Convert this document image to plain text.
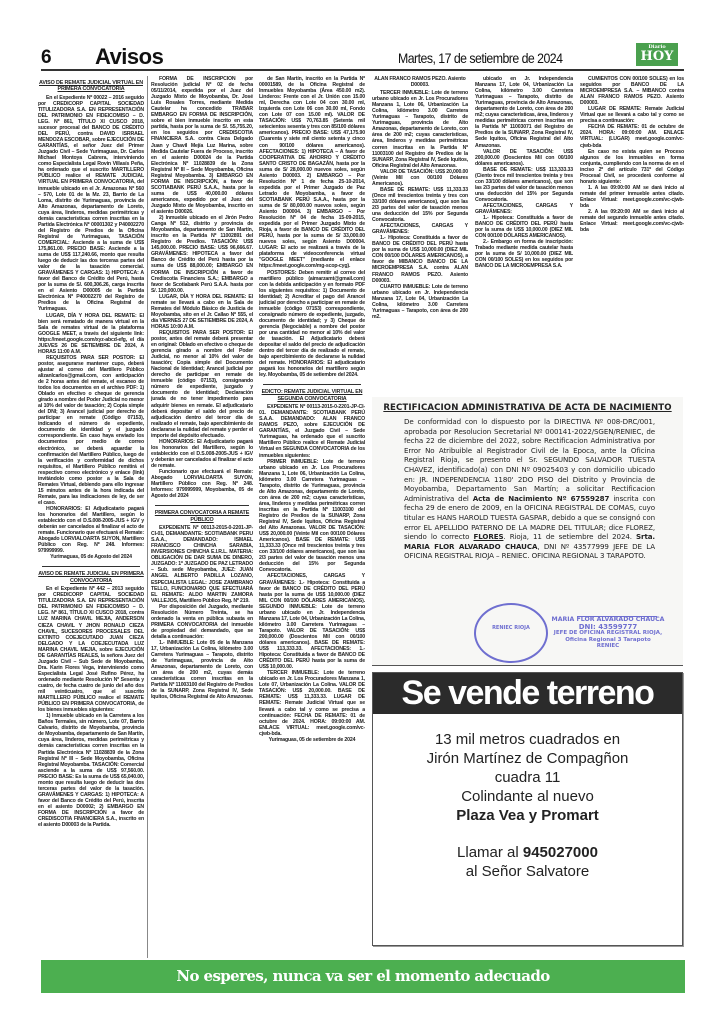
6 Avisos	Martes, 17 de setiembre de 2024
Diario
HOY
AVISO DE REMATE JUDICIAL VIRTUAL EN PRIMERA CONVOCATORIA

En el Expediente Nº 00022 – 2016 seguido por CREDICORP CAPITAL SOCIEDAD TITULIZADORA S.A. EN REPRESENTACIÓN DEL PATRIMONIO EN FIDEICOMISO – D. LEG. Nº 861, TÍTULO XI CUSCO 2018, sucesor procesal del BANCO DE CRÉDITO DEL PERÚ, contra DAVID ISRRAEL MENDOZA ESCOBAR, sobre EJECUCIÓN DE GARANTÍAS, el señor Juez del Primer Juzgado Civil – Sede Yurimaguas, Dr. Carlos Michael Montoya Cabrera, interviniendo como Especialista Legal Rovin Villasís Peña, ha ordenado que el suscrito MARTILLERO PÚBLICO realice el REMATE JUDICIAL VIRTUAL EN PRIMERA CONVOCATORIA, del inmueble ubicado en el Jr. Amazonas Nº 560 – 570, Lote 01 de la Mz. 23, Barrio de La Loma, distrito de Yurimaguas, provincia de Alto Amazonas, departamento de Loreto, cuya área, linderos, medidas perimétricas y demás características corren inscritas en la Partida Electrónica Nº 00001302 y P40002270 del Registro de Predios de la Oficina Registral de Yurimaguas, TASACIÓN COMERCIAL: Asciende a la suma de US$ 175,861.00. PRECIO BASE: Asciende a la suma de US$ 117,240.66, monto que resulta luego de deducir las dos terceras partes del valor de la tasación comercial. GRAVÁMENES Y CARGAS: 1) HIPOTECA: A favor del Banco de Crédito del Perú, hasta por la suma de S/. 600,306.26, carga inscrita en el Asiento D00005 de la Partida Electrónica Nº P40002270 del Registro de Predios de la Oficina Registral de Yurimaguas.

LUGAR, DÍA Y HORA DEL REMATE: El bien será rematado de manera virtual en la Sala de remates virtual de la plataforma GOOGLE MEET, a través del siguiente link: https://meet.google.com/xyz-abcd-efg, el día JUEVES 26 DE SETIEMBRE DE 2024, A HORAS 11:00 A.M.

REQUISITOS PARA SER POSTOR: El postor, asegurarse mantener cupo, deberá ajustar al correo del Martillero Público alizanlcarlos@gmail.com, con anticipación de 2 horas antes del remate, el escaneo de todos los documentos en el archivo PDF: 1) Oblado en efectivo o cheque de gerencia girado a nombre del Poder Judicial no menor al 10% del valor de tasación; 2) Copia simple del DNI; 3) Arancel judicial por derecho de participar en remate (Código 07153), indicando el número de expediente, documento de identidad y el juzgado correspondiente. En caso haya enviado los documentos por medio de correo electrónico, se deberá aguardar la confirmación del Martillero Público, luego de la verificación y conformidad de dichos requisitos, el Martillero Público remitirá el respectivo correo electrónico y enlace (link) invitándolo como postor a la Sala de Remates Virtual, debiendo para ello ingresar 15 minutos antes de la hora indicada del Remate, para las indicaciones de ley, de ser el caso.

HONORARIOS: El Adjudicatario pagará los honorarios del Martillero, según lo establecido con el D.S.008-2005-JUS + IGV y deberán ser cancelados al finalizar el acto de remate. Funcionario que efectuará el Remate: Abogado LORVIALOARTA SUYON, Martillero Público con Reg. Nº 248. Informes: 979999999.

Yurimaguas, 05 de Agosto del 2024

AVISO DE REMATE JUDICIAL EN PRIMERA CONVOCATORIA

En el Expediente Nº 442 – 2013 seguido por CREDICORP CAPITAL SOCIEDAD TITULIZADORA S.A. EN REPRESENTACIÓN DEL PATRIMONIO EN FIDEICOMISO – D. LEG. Nº 861, TÍTULO XI CUSCO 2018, contra LUZ MARINA CHAVIL MEJIA, ANDERSON CIEZA CHAVIL Y JHON RONALD CIEZA CHAVIL, SUCESORES PROCESALES DEL EXTINTO COEJECUTADO JUAN CIEZA DELGADO Y LA COEJECUTADA LUZ MARINA CHAVIL MEJIA, sobre EJECUCIÓN DE GARANTÍAS REALES, la señora Juez del Juzgado Civil – Sub Sede de Moyobamba, Dra. Karin Flores Vega, interviniendo como Especialista Legal José Rufino Pérez, ha ordenado mediante Resolución Nº Sesenta y cuatro, de fecha cuatro de junio del año dos mil veinticuatro, que el suscrito MARTILLERO PÚBLICO realice el REMATE PÚBLICO EN PRIMERA CONVOCATORIA, de los bienes inmuebles siguientes:

1) Inmueble ubicado en la Carretera a los Baños Termales, sin número, Lote 07, Barrio Calvario, distrito de Moyobamba, provincia de Moyobamba, departamento de San Martín, cuya área, linderos, medidas perimétricas y demás características corren inscritas en la Partida Electrónica Nº 11028839 de la Zona Registral Nº III – Sede Moyobamba, Oficina Registral Moyobamba. TASACIÓN: Comercial asciende a la suma de US$ 97,560.00. PRECIO BASE: Es la suma de US$ 65,040.00, monto que resulta luego de deducir las dos terceras partes del valor de la tasación. GRAVÁMENES Y CARGAS: 1) HIPOTECA: A favor del Banco de Crédito del Perú, inscrita en el asiento D00002; 2) EMBARGO EN FORMA DE INSCRIPCIÓN a favor de CREDISCOTIA FINANCIERA S.A., inscrito en el asiento D00003 de la Partida.

FORMA DE INSCRIPCIÓN por Resolución judicial Nº 02 de fecha 05/11/2014, expedida por el Juez del Juzgado Mixto de Moyobamba, Dr. José Luis Rosales Torres, mediante Medida Cautelar ha concedido TRABAR EMBARGO EN FORMA DE INSCRIPCIÓN, sobre el bien inmueble inscrito en esta partida, hasta por la suma de S/. 55,755.20, en los seguidos por CREDISCOTIA FINANCIERA S.A. contra Cieza Delgado Juan y Chavil Mejía Luz Marina, sobre Medida Cautelar Fuera de Proceso, inscrito en el asiento D00024 de la Partida Electrónica Nº 11028839 de la Zona Registral Nº III – Sede Moyobamba, Oficina Registral Moyobamba. 3) EMBARGO EN FORMA DE INSCRIPCIÓN, a favor de SCOTIABANK PERÚ S.A.A., hasta por la suma de US$ 40,000.00 dólares americanos, expedido por el Juez del Juzgado Mixto de Moyobamba, inscrito en el asiento D00026.

2) Inmueble ubicado en el Jirón Pedro Canga Nº 512, distrito y provincia de Moyobamba, departamento de San Martín, inscrito en la Partida Nº 11002891 del Registro de Predios. TASACIÓN: US$ 145,000.00. PRECIO BASE: US$ 96,666.67. GRAVÁMENES: HIPOTECA a favor del Banco de Crédito del Perú hasta por la suma de US$ 88,000.00; EMBARGO EN FORMA DE INSCRIPCIÓN a favor de Crediscotia Financiera S.A.; EMBARGO a favor de Scotiabank Perú S.A.A. hasta por S/. 120,000.00.

LUGAR, DÍA Y HORA DEL REMATE: El remate se llevará a cabo en la Sala de Remates del Módulo Básico de Justicia de Moyobamba, sito en el Jr. Callao Nº 555, el día VIERNES 27 DE SETIEMBRE DE 2024, A HORAS 10:00 A.M.

REQUISITOS PARA SER POSTOR: El postor, antes del remate deberá presentar en original: Oblado en efectivo o cheque de gerencia girado a nombre del Poder Judicial, no menor al 10% del valor de tasación; Copia simple del Documento Nacional de Identidad; Arancel judicial por derecho de participar en remate de inmueble (código 07153), consignando número de expediente, juzgado y documento de identidad; Declaración jurada de no tener impedimento para adquirir bienes en remate. El adjudicatario deberá depositar el saldo del precio de adjudicación dentro del tercer día de realizado el remate, bajo apercibimiento de declararse la nulidad del remate y perder el importe del depósito efectuado.

HONORARIOS: El Adjudicatario pagará los honorarios del Martillero, según lo establecido con el D.S.008-2005-JUS + IGV y deberán ser cancelados al finalizar el acto de remate.

Funcionario que efectuará el Remate: Abogado LORVIALOARTA SUYON, Martillero Público con Reg. Nº 248. Informes: 979999999, Moyobamba, 05 de Agosto del 2024

PRIMERA CONVOCATORIA A REMATE PÚBLICO

EXPEDIENTE Nº 00113-2015-0-2201-JP-CI-01, DEMANDANTE: SCOTIABANK PERU S.A.A., DEMANDADO: ISMAEL FRANCISCO CHINCHA SARABIA, INVERSIONES CHINCHA E.I.R.L. MATERIA: OBLIGACIÓN DE DAR SUMA DE DINERO, JUZGADO: 1º JUZGADO DE PAZ LETRADO – Sub. sede Moyobamba, JUEZ: JUAN ANGEL ALBERTO PADILLA LOZANO, ESPECIALISTA LEGAL: JOSE ZAMBRANO TELLO, FUNCIONARIO QUE EFECTUARÁ EL REMATE: ALDO MARTIN ZAMORA VALLEJOS, Martillero Público Reg. Nº 219.

Por disposición del Juzgado, mediante Resolución Número Treinta, se ha ordenado la venta en pública subasta en PRIMERA CONVOCATORIA del inmueble de propiedad del demandado, que se detalla a continuación:

1.- INMUEBLE: Lote 05 de la Manzana 17, Urbanización La Colina, kilómetro 3.00 Carretera Yurimaguas – Tarapoto, distrito de Yurimaguas, provincia de Alto Amazonas, departamento de Loreto, con un área de 200 m2, cuyas demás características corren inscritas en la Partida Nº 11003100 del Registro de Predios de la SUNARP, Zona Registral IV, Sede Iquitos, Oficina Registral de Alto Amazonas.

de San Martín, inscrito en la Partida Nº 00001589, de la Oficina Registral de Inmuebles Moyobamba (Área 450.00 m2). Linderos: Frente con el Jr. Unión con 15.00 ml, Derecha con Lote 04 con 30.00 ml, Izquierda con Lote 06 con 30.00 ml, Fondo con Lote 07 con 15.00 ml). VALOR DE TASACIÓN: US$ 70,763.85 (Setenta mil setecientos sesenta y tres con 85/100 dólares americanos). PRECIO BASE: US$ 47,175.90 (Cuarenta y siete mil ciento setenta y cinco con 90/100 dólares americanos). AFECTACIONES: 1) HIPOTECA – A favor de COOPERATIVA DE AHORRO Y CRÉDITO SANTO CRISTO DE BAGAZÁN, hasta por la suma de S/ 28,000.00 nuevos soles, según Asiento D00003. 2) EMBARGO – Por Resolución Nº 1 de fecha 25-10-2014, expedida por el Primer Juzgado de Paz Letrado de Moyobamba, a favor de SCOTIABANK PERÚ S.A.A., hasta por la suma de S/ 80,000.00 nuevos soles, según Asiento D00004. 3) EMBARGO – Por Resolución Nº 04 de fecha 15-09-2015, expedida por el Primer Juzgado Mixto de Rioja, a favor de BANCO DE CRÉDITO DEL PERÚ, hasta por la suma de S/ 33,000.00 nuevos soles, según Asiento D00004. LUGAR: El acto se realizará a través de la plataforma de videoconferencia virtual "GOOGLE MEET" (mediante el enlace https://meet.google.com/mg-scop-cyg).

POSTORES: Deben remitir al correo del martillero público (aimarzamt@gmail.com) con la debida anticipación y en formato PDF los siguientes requisitos: 1) Documento de Identidad; 2) Acreditar el pago del Arancel judicial por derecho a participar en remate de inmueble (código 07153) correspondiente, consignado número de expediente, juzgado, documento de identidad; y 3) Cheque de gerencia (Negociable) a nombre del postor por una cantidad no menor al 10% del valor de tasación. El Adjudicatario deberá depositar el saldo del precio de adjudicación dentro del tercer día de realizado el remate, bajo apercibimiento de declararse la nulidad del remate. HONORARIOS: El adjudicatario pagará los honorarios del martillero según ley. Moyobamba, 05 de setiembre del 2024.

EDICTO: REMATE JUDICIAL VIRTUAL EN SEGUNDA CONVOCATORIA

EXPEDIENTE Nº 00113-2015-0-2201-JP-CI-01. DEMANDANTE: SCOTIABANK PERÚ S.A.A. DEMANDADO: ALAN FRANCO RAMOS PEZO, sobre EJECUCIÓN DE GARANTÍAS, el Juzgado Civil – Sede Yurimaguas, ha ordenado que el suscrito Martillero Público realice el Remate Judicial Virtual en SEGUNDA CONVOCATORIA de los inmuebles siguientes:

PRIMER INMUEBLE: Lote de terreno urbano ubicado en Jr. Los Procuradores Manzana 1, Lote 06, Urbanización La Colina, kilómetro 3.00 Carretera Yurimaguas – Tarapoto, distrito de Yurimaguas, provincia de Alto Amazonas, departamento de Loreto, con área de 200 m2; cuyas características, área, linderos y medidas perimétricas corren inscritas en la Partida Nº 11003100 del Registro de Predios de la SUNARP, Zona Registral IV, Sede Iquitos, Oficina Registral del Alto Amazonas. VALOR DE TASACIÓN: US$ 20,000.00 (Veinte Mil con 00/100 Dólares Americanos). BASE DE REMATE: US$ 11,333.33 (Once mil trescientos treinta y tres con 33/100 dólares americanos), que son las 2/3 partes del valor de tasación menos una deducción del 15% por Segunda Convocatoria.

AFECTACIONES, CARGAS Y GRAVÁMENES: 1.- Hipoteca: Constituida a favor de BANCO DE CRÉDITO DEL PERÚ hasta por la suma de US$ 10,000.00 (DIEZ MIL CON 00/100 DÓLARES AMERICANOS). SEGUNDO INMUEBLE: Lote de terreno urbano ubicado en Jr. Independencia Manzana 17, Lote 04, Urbanización La Colina, kilómetro 3.00 Carretera Yurimaguas – Tarapoto. VALOR DE TASACIÓN: US$ 200,000.00 (Doscientos Mil con 00/100 dólares americanos). BASE DE REMATE: US$ 113,333.33. AFECTACIONES: 1.- Hipoteca: Constituida a favor de BANCO DE CRÉDITO DEL PERÚ hasta por la suma de US$ 10,000.00.

TERCER INMUEBLE: Lote de terreno ubicado en Jr. Los Procuradores Manzana 1, Lote 07, Urbanización La Colina. VALOR DE TASACIÓN: US$ 20,000.00. BASE DE REMATE: US$ 11,333.33. LUGAR DE REMATE: Remate Judicial Virtual que se llevará a cabo tal y como se precisa a continuación: FECHA DE REMATE: 01 de octubre de 2024. HORA: 09:00:00 AM. ENLACE VIRTUAL: meet.google.com/vc-cjwb-bda.

Yurimaguas, 05 de setiembre de 2024

ALAN FRANCO RAMOS PEZO. Asiento D00003.

TERCER INMUEBLE: Lote de terreno urbano ubicado en Jr. Los Procuradores Manzana 1, Lote 06, Urbanización La Colina, kilómetro 3.00 Carretera Yurimaguas – Tarapoto, distrito de Yurimaguas, provincia de Alto Amazonas, departamento de Loreto, con área de 200 m2; cuyas características, área, linderos y medidas perimétricas corren inscritas en la Partida Nº 11003100 del Registro de Predios de la SUNARP, Zona Registral IV, Sede Iquitos, Oficina Registral del Alto Amazonas.

VALOR DE TASACIÓN: US$ 20,000.00 (Veinte Mil con 00/100 Dólares Americanos).

BASE DE REMATE: US$ 11,333.33 (Once mil trescientos treinta y tres con 33/100 dólares americanos), que son las 2/3 partes del valor de tasación menos una deducción del 15% por Segunda Convocatoria.

AFECTACIONES, CARGAS Y GRAVÁMENES:

1.- Hipoteca: Constituida a favor de BANCO DE CRÉDITO DEL PERÚ hasta por la suma de US$ 10,000.00 (DIEZ MIL CON 00/100 DÓLARES AMERICANOS), a favor de MIBANCO BANCO DE LA MICROEMPRESA S.A. contra ALAN FRANCO RAMOS PEZO. Asiento D00003.

CUARTO INMUEBLE: Lote de terreno urbano ubicado en Jr. Independencia Manzana 17, Lote 04, Urbanización La Colina, kilómetro 3.00 Carretera Yurimaguas – Tarapoto, con área de 200 m2.

ubicado en Jr. Independencia Manzana 17, Lote 04, Urbanización La Colina, kilómetro 3.00 Carretera Yurimaguas – Tarapoto, distrito de Yurimaguas, provincia de Alto Amazonas, departamento de Loreto, con área de 200 m2; cuyas características, área, linderos y medidas perimétricas corren inscritas en la Partida Nº 11003071 del Registro de Predios de la SUNARP, Zona Registral IV, Sede Iquitos, Oficina Registral del Alto Amazonas.

VALOR DE TASACIÓN: US$ 200,000.00 (Doscientos Mil con 00/100 dólares americanos).

BASE DE REMATE: US$ 113,333.33 (Ciento trece mil trescientos treinta y tres con 33/100 dólares americanos), que son las 2/3 partes del valor de tasación menos una deducción del 15% por Segunda Convocatoria.

AFECTACIONES, CARGAS Y GRAVÁMENES:

1.- Hipoteca: Constituida a favor de BANCO DE CRÉDITO DEL PERÚ hasta por la suma de US$ 10,000.00 (DIEZ MIL CON 00/100 DÓLARES AMERICANOS).

2.- Embargo en forma de inscripción: Trabado mediante medida cautelar hasta por la suma de S/ 10,000.00 (DIEZ MIL CON 00/100 SOLES) en los seguidos por BANCO DE LA MICROEMPRESA S.A.

CUMIENTOS CON 00/100 SOLES) en los seguidos por BANCO DE LA MICROEMPRESA S.A. – MIBANCO contra ALAN FRANCO RAMOS PEZO. Asiento D00003.

LUGAR DE REMATE: Remate Judicial Virtual que se llevará a cabo tal y como se precisa a continuación:

FECHA DE REMATE: 01 de octubre de 2024. HORA: 09:00:00 AM. ENLACE VIRTUAL: (LUGAR) meet.google.com/vc-cjwb-bda

En caso no exista quien se Proceso algunos de los inmuebles en forma conjunta, cumpliendo con la norma de en el inciso 2º del artículo 731º del Código Procesal Civil, se procederá conforme al horario siguiente:

1. A las 09:00:00 AM se dará inicio al remate del primer inmueble antes citado. Enlace Virtual: meet.google.com/vc-cjwb-bda

2. A las 09:20:00 AM se dará inicio al remate del segundo inmueble antes citado. Enlace Virtual: meet.google.com/vc-cjwb-bda

RECTIFICACION ADMINISTRATIVA DE ACTA DE NACIMIENTO
De conformidad con lo dispuesto por la DIRECTIVA Nº 008-DRC/001, aprobada por Resolucion Secretarial Nº 000141-2022/SGEN/RENIEC, de fecha 22 de diciembre del 2022, sobre Rectificacion Administrativa por Error No Atribuible al Registrador Civil de la Epoca, ante la Oficina Registral Rioja, se presento el Sr. SEGUNDO SALVADOR TUESTA CHAVEZ, identificado(a) con DNI Nº 09025403 y con domicilio ubicado en: JR. INDEPENDENCIA 1180' 2DO PISO del Distrito y Provincia de Moyobamba, Departamento San Martín; a solicitar Rectificacion Administrativa del Acta de Nacimiento Nº 67559287 inscrita con fecha 29 de enero de 2009, en la OFICINA REGISTRAL DE COMAS, cuyo titular es HANS HAROLD TUESTA GASPAR, debido a que se consignó con error EL APELLIDO PATERNO DE LA MADRE DEL TITULAR; dice FLOREZ, siendo lo correcto FLORES. Rioja, 11 de setiembre del 2024. Srta. MARIA FLOR ALVARADO CHAUCA, DNI Nº 43577999 JEFE DE LA OFICINA REGISTRAL RIOJA – RENIEC. OFICINA REGIONAL 3 TARAPOTO.
RENIEC RIOJA
MARIA FLOR ALVARADO CHAUCA
DNI: 43599777
JEFE DE OFICINA REGISTRAL RIOJA,
Oficina Regional 3 Tarapoto
RENIEC
Se vende terreno
13 mil metros cuadrados en
Jirón Martínez de Compagñon
cuadra 11
Colindante al nuevo
Plaza Vea y Promart
Llamar al 945027000
al Señor Salvatore
No esperes, nunca va ser el momento adecuado
